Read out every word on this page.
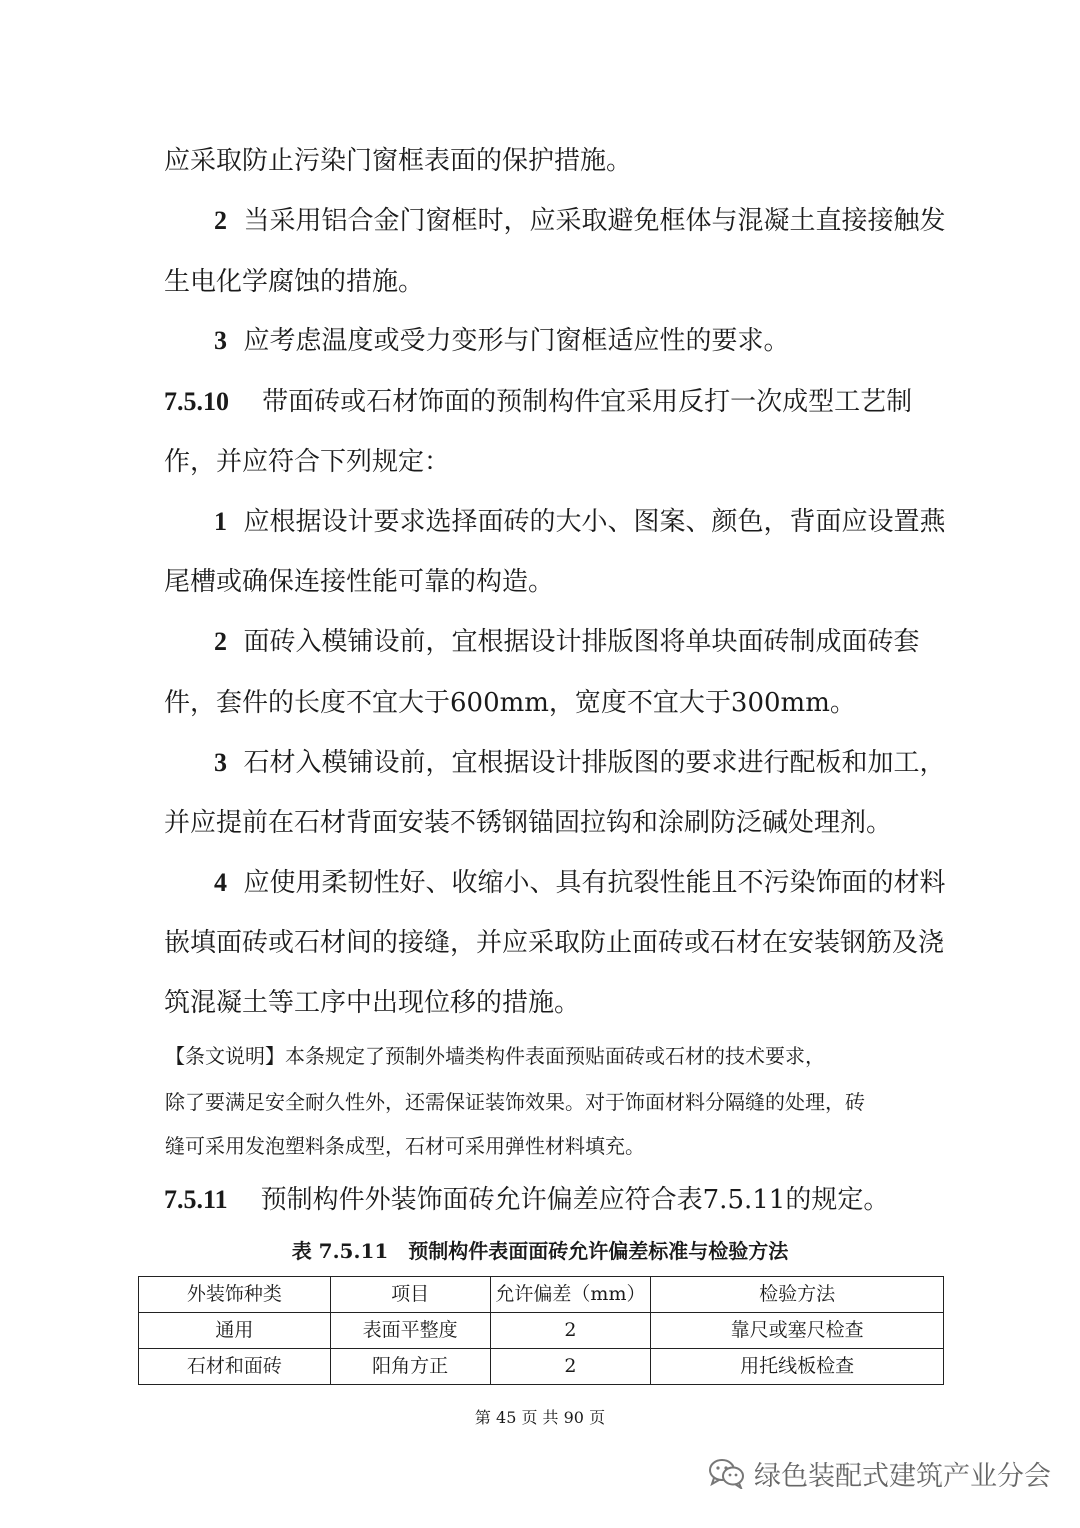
应采取防止污染门窗框表面的保护措施。
2 当采用铝合金门窗框时，应采取避免框体与混凝土直接接触发
生电化学腐蚀的措施。
3 应考虑温度或受力变形与门窗框适应性的要求。
7.5.10 带面砖或石材饰面的预制构件宜采用反打一次成型工艺制
作，并应符合下列规定：
1 应根据设计要求选择面砖的大小、图案、颜色，背面应设置燕
尾槽或确保连接性能可靠的构造。
2 面砖入模铺设前，宜根据设计排版图将单块面砖制成面砖套
件，套件的长度不宜大于600mm，宽度不宜大于300mm。
3 石材入模铺设前，宜根据设计排版图的要求进行配板和加工，
并应提前在石材背面安装不锈钢锚固拉钩和涂刷防泛碱处理剂。
4 应使用柔韧性好、收缩小、具有抗裂性能且不污染饰面的材料
嵌填面砖或石材间的接缝，并应采取防止面砖或石材在安装钢筋及浇
筑混凝土等工序中出现位移的措施。
【条文说明】本条规定了预制外墙类构件表面预贴面砖或石材的技术要求，
除了要满足安全耐久性外，还需保证装饰效果。对于饰面材料分隔缝的处理，砖
缝可采用发泡塑料条成型，石材可采用弹性材料填充。
7.5.11 预制构件外装饰面砖允许偏差应符合表7.5.11的规定。
表 7.5.11　预制构件表面面砖允许偏差标准与检验方法
外装饰种类	项目	允许偏差（mm）	检验方法
通用	表面平整度	2	靠尺或塞尺检查
石材和面砖	阳角方正	2	用托线板检查
第 45 页 共 90 页
绿色装配式建筑产业分会
